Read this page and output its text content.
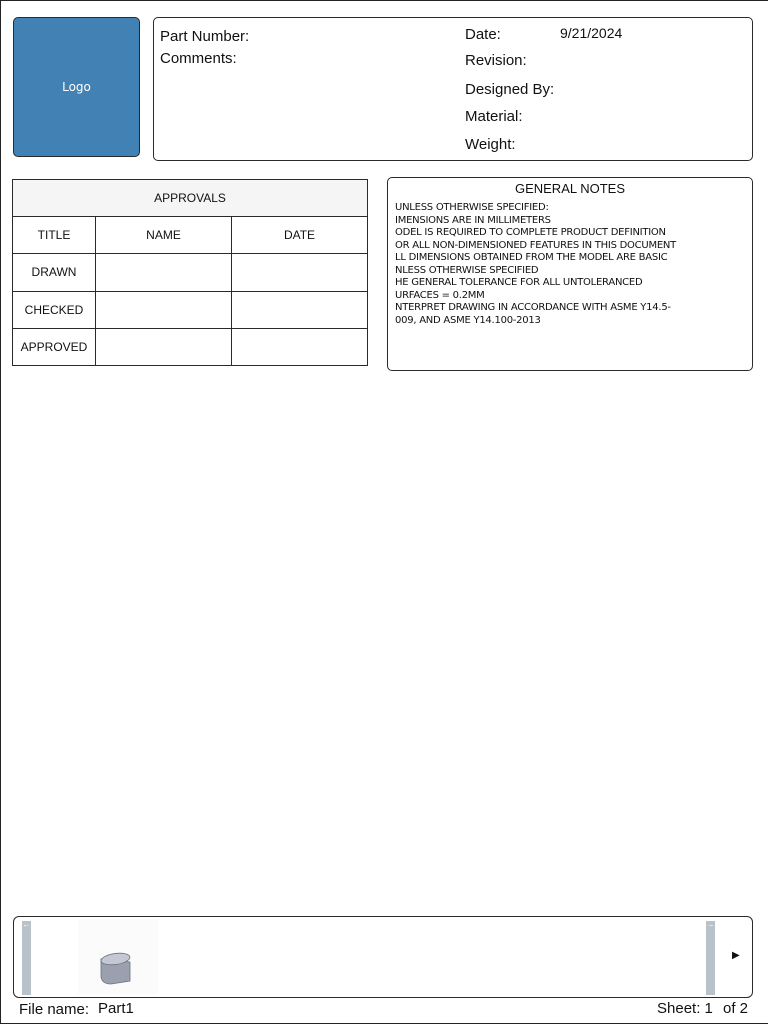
Logo
Part Number:
Comments:
Date:	9/21/2024
Revision:
Designed By:
Material:
Weight:
APPROVALS		
TITLE	NAME	DATE
DRAWN		
CHECKED		
APPROVED		
GENERAL NOTES
UNLESS OTHERWISE SPECIFIED:
IMENSIONS ARE IN MILLIMETERS
ODEL IS REQUIRED TO COMPLETE PRODUCT DEFINITION
OR ALL NON-DIMENSIONED FEATURES IN THIS DOCUMENT
LL DIMENSIONS OBTAINED FROM THE MODEL ARE BASIC
NLESS OTHERWISE SPECIFIED
HE GENERAL TOLERANCE FOR ALL UNTOLERANCED
URFACES = 0.2MM
NTERPRET DRAWING IN ACCORDANCE WITH ASME Y14.5-
009, AND ASME Y14.100-2013
←	→
▶
File name: Part1	Sheet: 1 of 2
